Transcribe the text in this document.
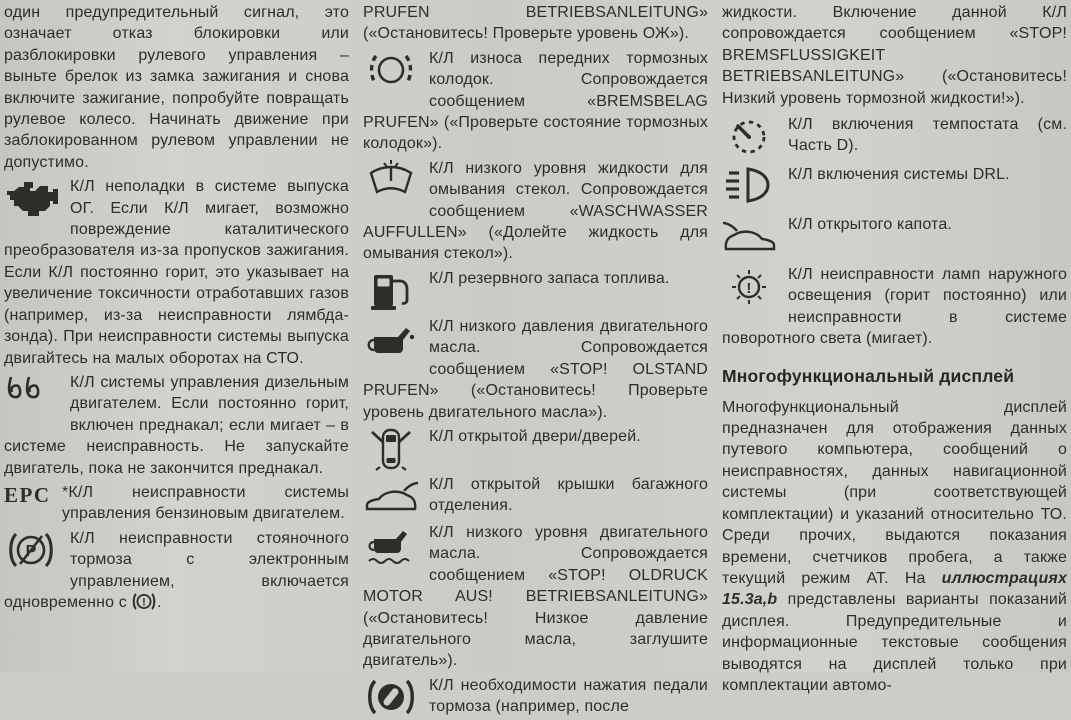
один предупредительный сигнал, это означает отказ блокировки или разблокировки рулевого управления – выньте брелок из замка зажигания и снова включите зажигание, попробуйте повращать рулевое колесо. Начинать движение при заблокированном рулевом управлении не допустимо.

К/Л неполадки в системе выпуска ОГ. Если К/Л мигает, возможно повреждение каталитического преобразователя из-за пропусков зажигания. Если К/Л постоянно горит, это указывает на увеличение токсичности отработавших газов (например, из-за неисправности лямбда-зонда). При неисправности системы выпуска двигайтесь на малых оборотах на СТО.
К/Л системы управления дизельным двигателем. Если постоянно горит, включен преднакал; если мигает – в системе неисправность. Не запускайте двигатель, пока не закончится преднакал.
EPC *К/Л неисправности системы управления бензиновым двигателем.
P
К/Л неисправности стояночного тормоза с электронным управлением, включается одновременно с ! .

PRUFEN BETRIEBSANLEITUNG» («Остановитесь! Проверьте уровень ОЖ»).

К/Л износа передних тормозных колодок. Сопровождается сообщением «BREMSBELAG PRUFEN» («Проверьте состояние тормозных колодок»).
К/Л низкого уровня жидкости для омывания стекол. Сопровождается сообщением «WASCHWASSER AUFFULLEN» («Долейте жидкость для омывания стекол»).
К/Л резервного запаса топлива.
К/Л низкого давления двигательного масла. Сопровождается сообщением «STOP! OLSTAND PRUFEN» («Остановитесь! Проверьте уровень двигательного масла»).
К/Л открытой двери/дверей.
К/Л открытой крышки багажного отделения.
К/Л низкого уровня двигательного масла. Сопровождается сообщением «STOP! OLDRUCK MOTOR AUS! BETRIEBSANLEITUNG» («Остановитесь! Низкое давление двигательного масла, заглушите двигатель»).
К/Л необходимости нажатия педали тормоза (например, после

жидкости. Включение данной К/Л сопровождается сообщением «STOP! BREMSFLUSSIGKEIT BETRIEBSANLEITUNG» («Остановитесь! Низкий уровень тормозной жидкости!»).

К/Л включения темпостата (см. Часть D).
К/Л включения системы DRL.
К/Л открытого капота.
!
К/Л неисправности ламп наружного освещения (горит постоянно) или неисправности в системе поворотного света (мигает).
Многофункциональный дисплей

Многофункциональный дисплей предназначен для отображения данных путевого компьютера, сообщений о неисправностях, данных навигационной системы (при соответствующей комплектации) и указаний относительно ТО. Среди прочих, выдаются показания времени, счетчиков пробега, а также текущий режим АТ. На иллюстрациях 15.3a,b представлены варианты показаний дисплея. Предупредительные и информационные текстовые сообщения выводятся на дисплей только при комплектации автомо-
